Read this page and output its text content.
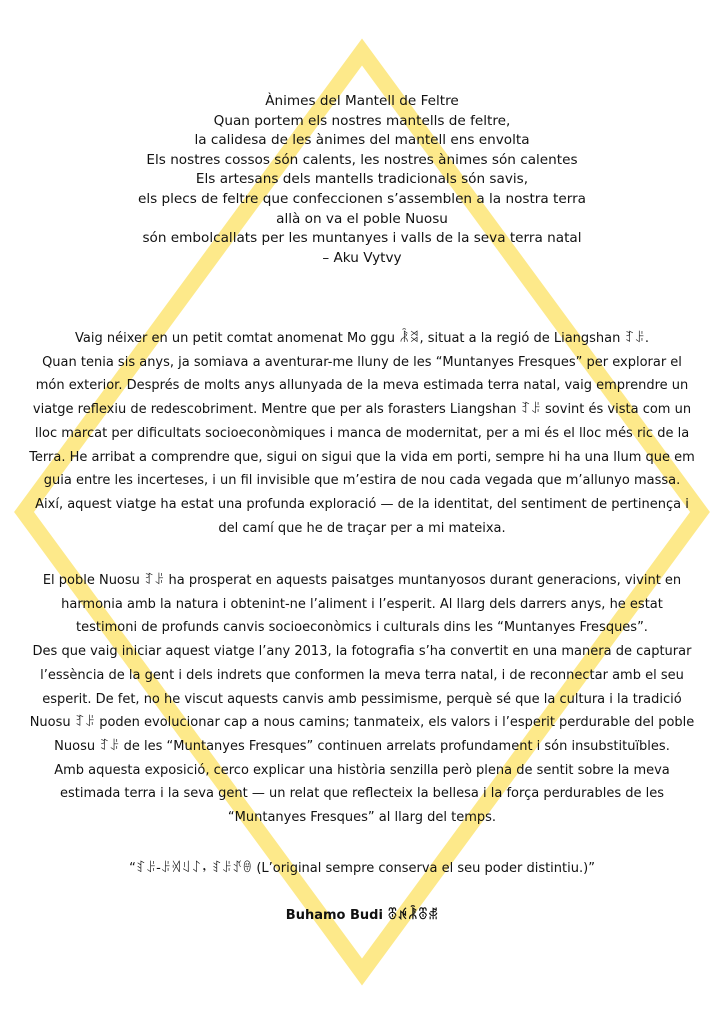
Ànimes del Mantell de Feltre
Quan portem els nostres mantells de feltre,
la calidesa de les ànimes del mantell ens envolta
Els nostres cossos són calents, les nostres ànimes són calentes
Els artesans dels mantells tradicionals són savis,
els plecs de feltre que confeccionen s’assemblen a la nostra terra
allà on va el poble Nuosu
són embolcallats per les muntanyes i valls de la seva terra natal
– Aku Vytvy
Vaig néixer en un petit comtat anomenat Mo ggu ꂾꈬ, situat a la regió de Liangshan ꆈꌠ.
Quan tenia sis anys, ja somiava a aventurar-me lluny de les “Muntanyes Fresques” per explorar el
món exterior. Després de molts anys allunyada de la meva estimada terra natal, vaig emprendre un
viatge reflexiu de redescobriment. Mentre que per als forasters Liangshan ꆈꌠ sovint és vista com un
lloc marcat per dificultats socioeconòmiques i manca de modernitat, per a mi és el lloc més ric de la
Terra. He arribat a comprendre que, sigui on sigui que la vida em porti, sempre hi ha una llum que em
guia entre les incerteses, i un fil invisible que m’estira de nou cada vegada que m’allunyo massa.
Així, aquest viatge ha estat una profunda exploració — de la identitat, del sentiment de pertinença i
del camí que he de traçar per a mi mateixa.
El poble Nuosu ꆈꌠ ha prosperat en aquests paisatges muntanyosos durant generacions, vivint en
harmonia amb la natura i obtenint-ne l’aliment i l’esperit. Al llarg dels darrers anys, he estat
testimoni de profunds canvis socioeconòmics i culturals dins les “Muntanyes Fresques”.
Des que vaig iniciar aquest viatge l’any 2013, la fotografia s’ha convertit en una manera de capturar
l’essència de la gent i dels indrets que conformen la meva terra natal, i de reconnectar amb el seu
esperit. De fet, no he viscut aquests canvis amb pessimisme, perquè sé que la cultura i la tradició
Nuosu ꆈꌠ poden evolucionar cap a nous camins; tanmateix, els valors i l’esperit perdurable del poble
Nuosu ꆈꌠ de les “Muntanyes Fresques” continuen arrelats profundament i són insubstituïbles.
Amb aquesta exposició, cerco explicar una història senzilla però plena de sentit sobre la meva
estimada terra i la seva gent — un relat que reflecteix la bellesa i la força perdurables de les
“Muntanyes Fresques” al llarg del temps.

“ꆏꌠ-ꌠꄉꆹꋍ，ꆏꌠꀋꇩ (L’original sempre conserva el seu poder distintiu.)”

Buhamo Budi ꁨꉌꂾꁨꅇ
